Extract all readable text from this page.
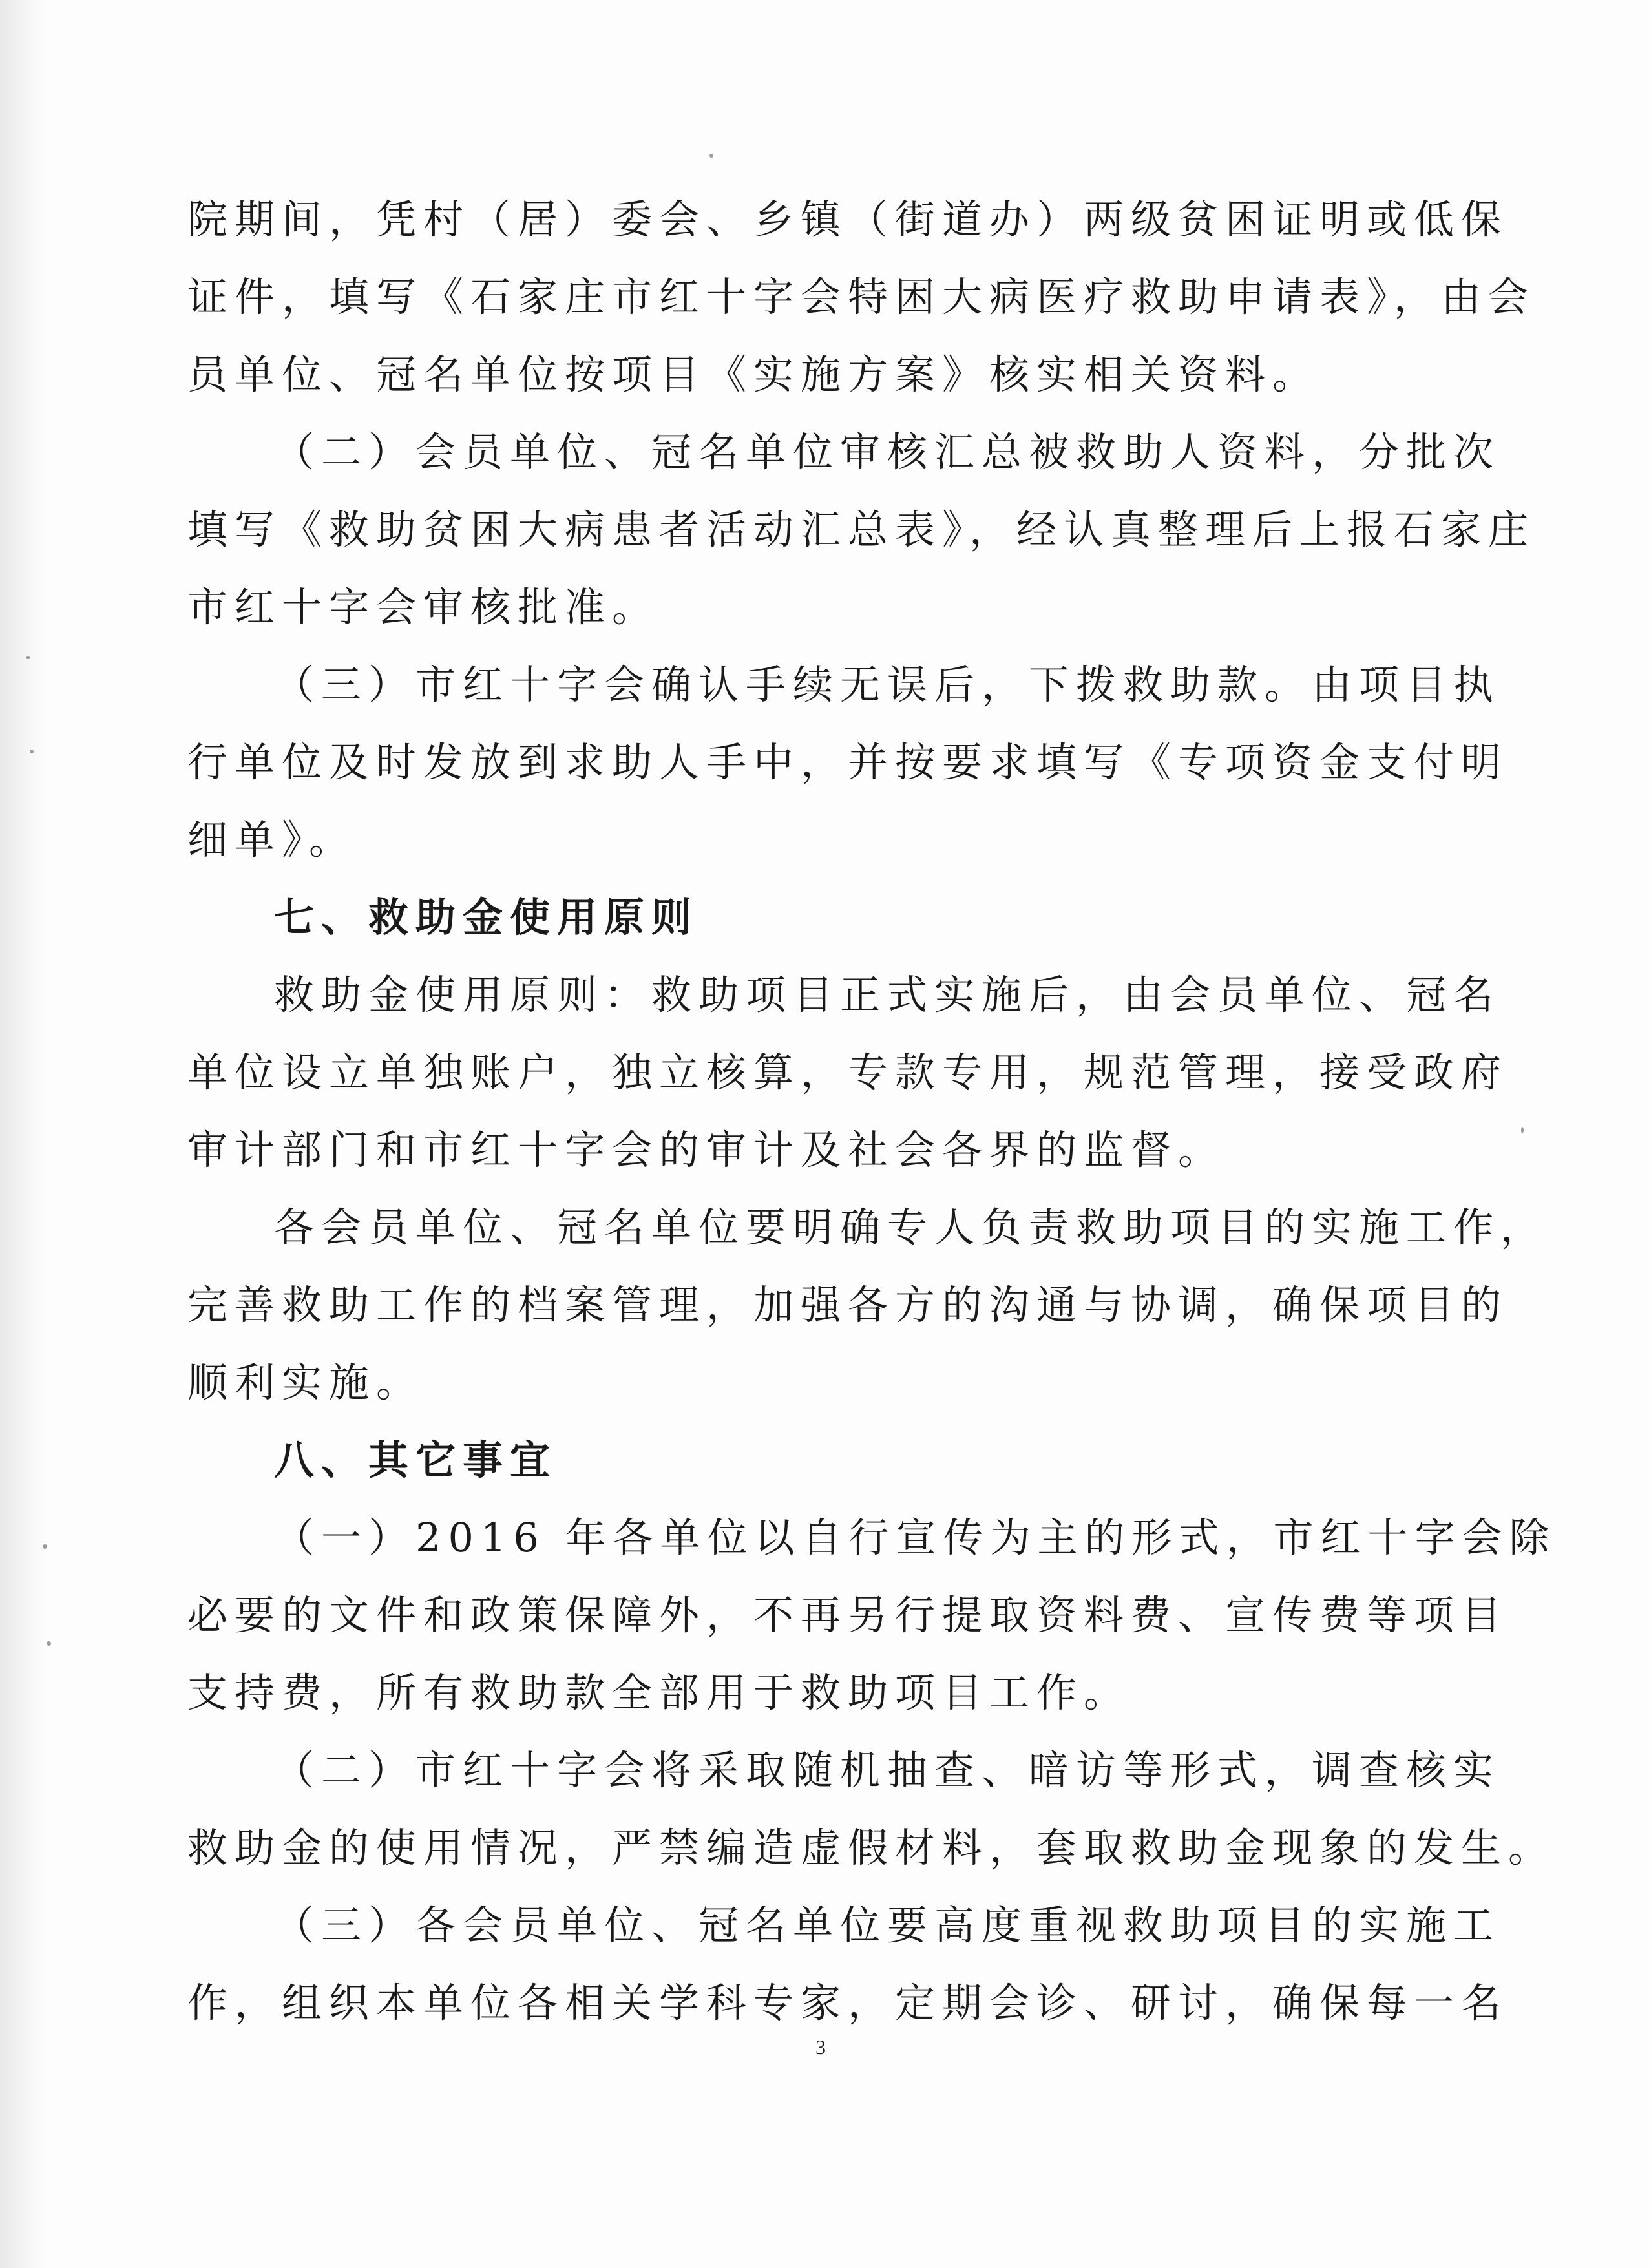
院期间，凭村（居）委会、乡镇（街道办）两级贫困证明或低保
证件，填写《石家庄市红十字会特困大病医疗救助申请表》，由会
员单位、冠名单位按项目《实施方案》核实相关资料。
（二）会员单位、冠名单位审核汇总被救助人资料，分批次
填写《救助贫困大病患者活动汇总表》，经认真整理后上报石家庄
市红十字会审核批准。
（三）市红十字会确认手续无误后，下拨救助款。由项目执
行单位及时发放到求助人手中，并按要求填写《专项资金支付明
细单》。
七、救助金使用原则
救助金使用原则：救助项目正式实施后，由会员单位、冠名
单位设立单独账户，独立核算，专款专用，规范管理，接受政府
审计部门和市红十字会的审计及社会各界的监督。
各会员单位、冠名单位要明确专人负责救助项目的实施工作，
完善救助工作的档案管理，加强各方的沟通与协调，确保项目的
顺利实施。
八、其它事宜
（一）2016 年各单位以自行宣传为主的形式，市红十字会除
必要的文件和政策保障外，不再另行提取资料费、宣传费等项目
支持费，所有救助款全部用于救助项目工作。
（二）市红十字会将采取随机抽查、暗访等形式，调查核实
救助金的使用情况，严禁编造虚假材料，套取救助金现象的发生。
（三）各会员单位、冠名单位要高度重视救助项目的实施工
作，组织本单位各相关学科专家，定期会诊、研讨，确保每一名
3
